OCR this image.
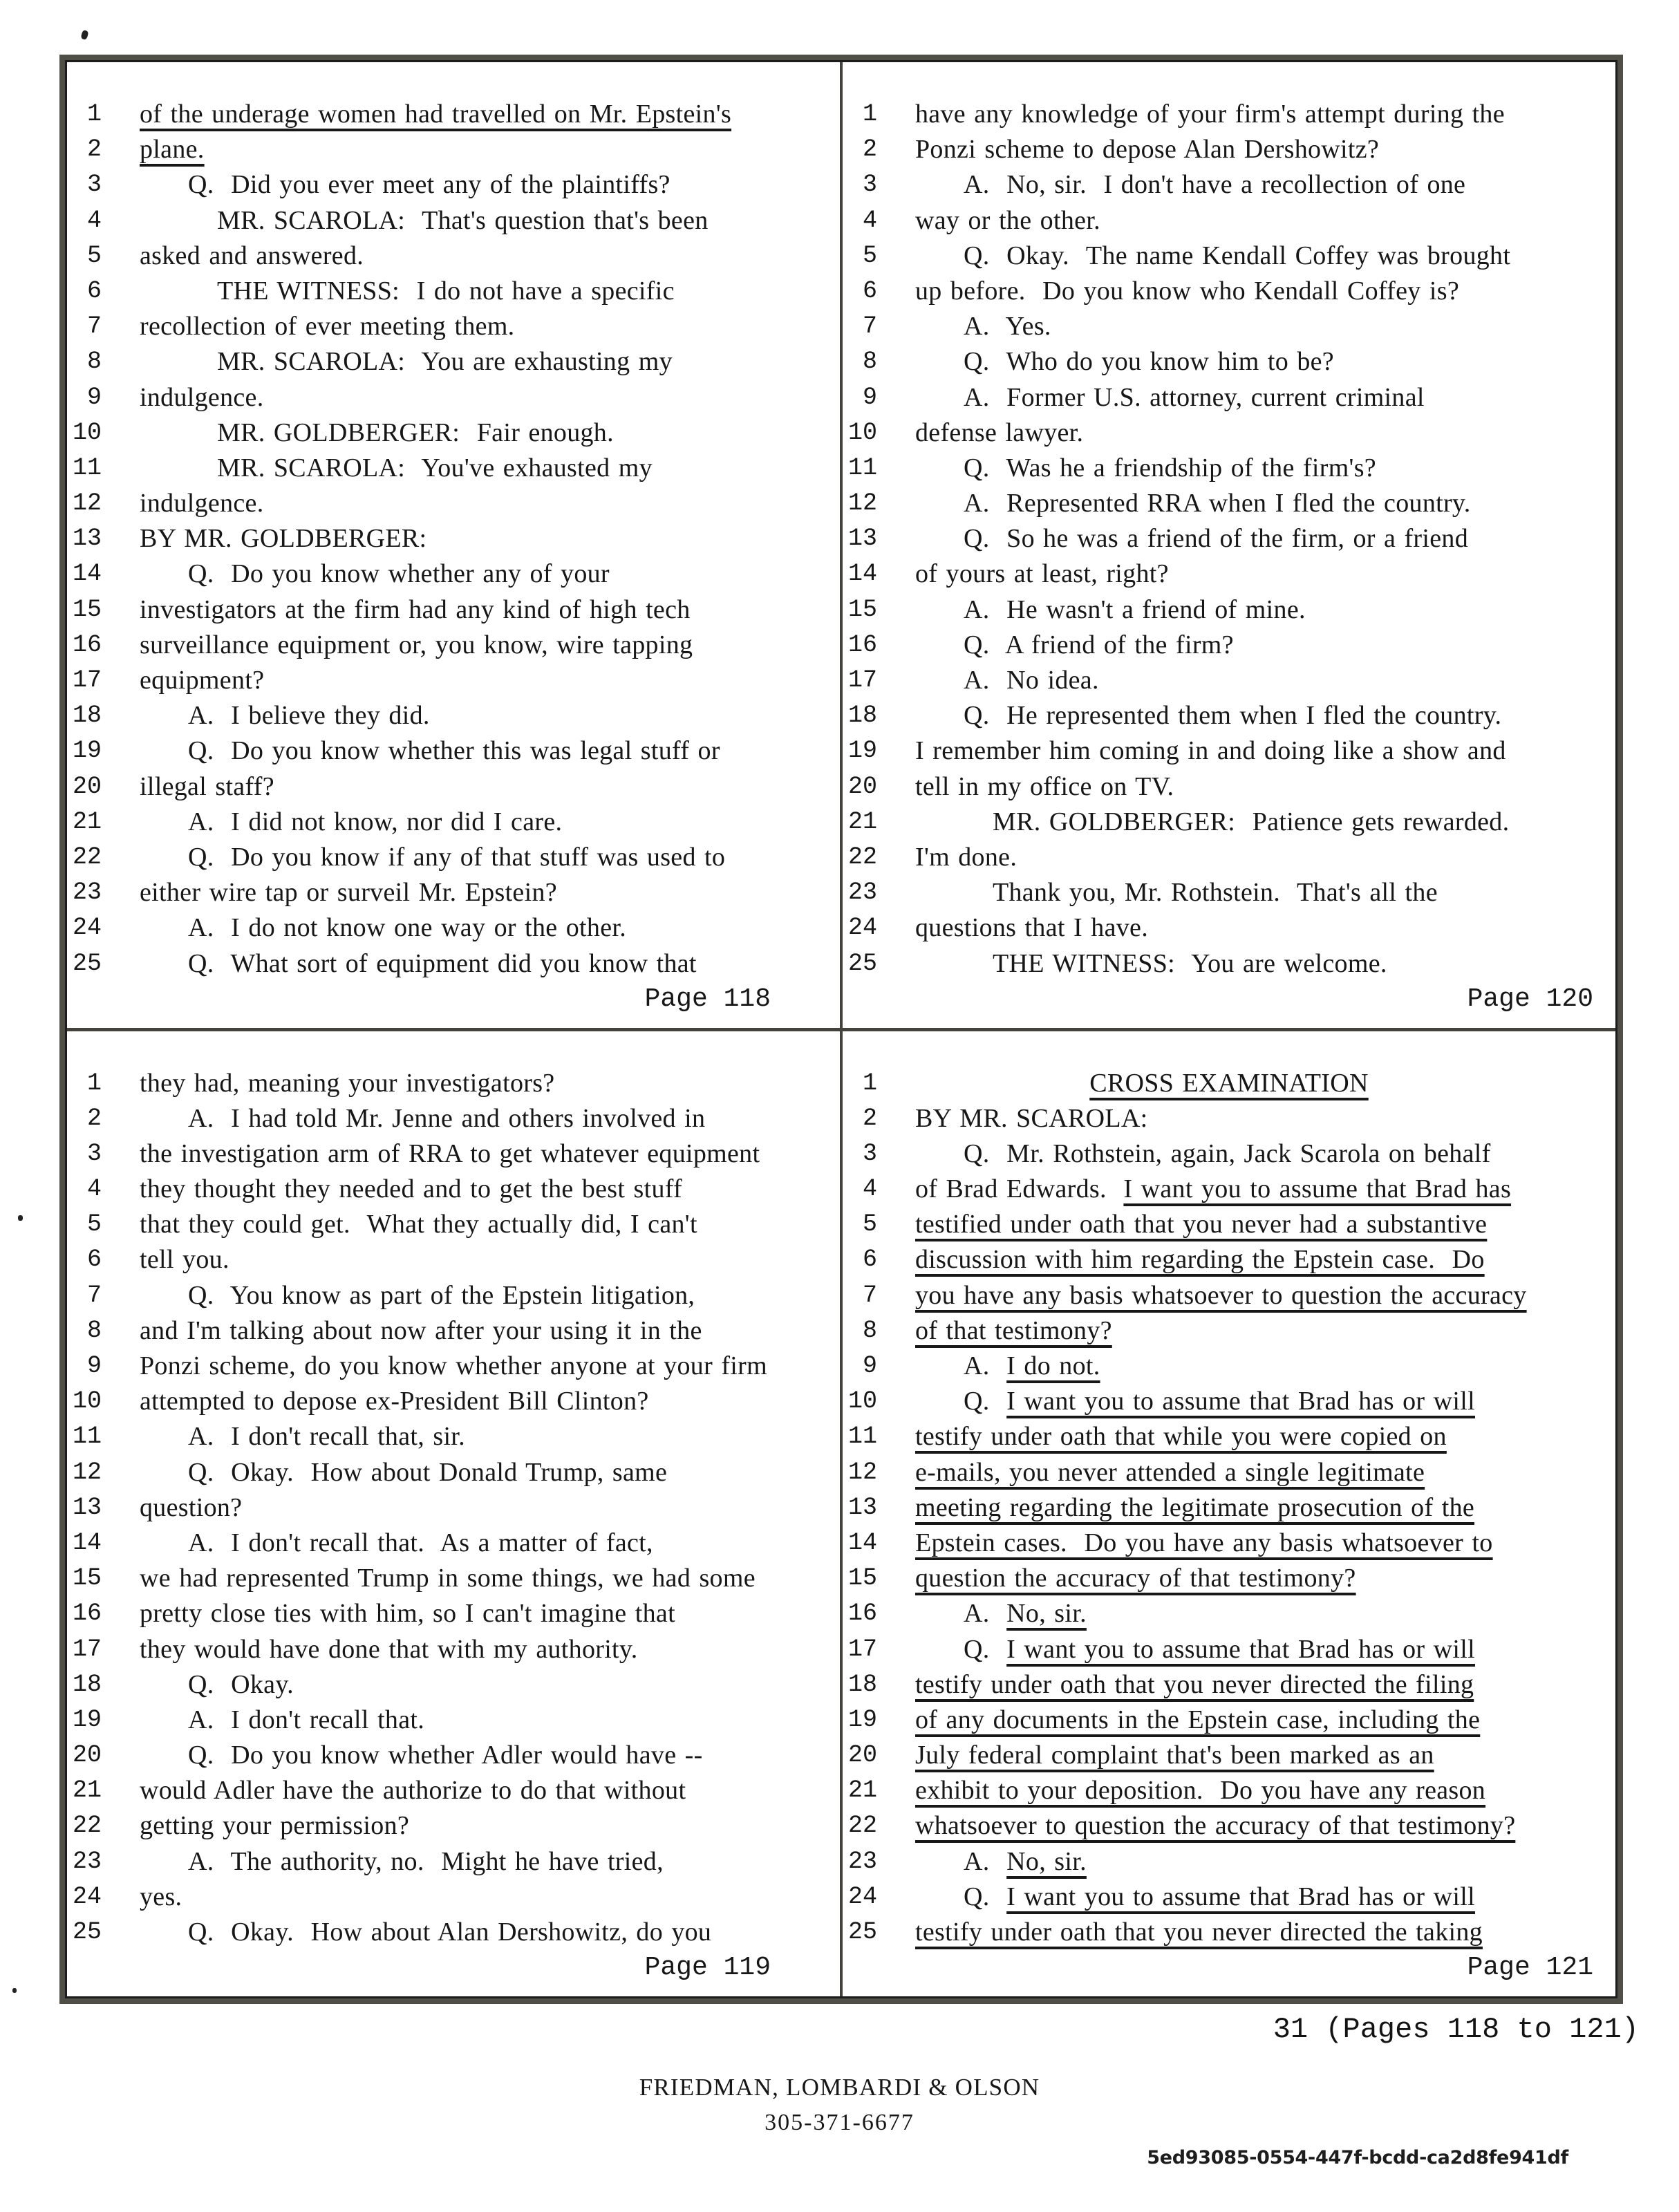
1 of the underage women had travelled on Mr. Epstein's
2 plane.
3	Q.  Did you ever meet any of the plaintiffs?
4	MR. SCAROLA:  That's question that's been
5 asked and answered.
6	THE WITNESS:  I do not have a specific
7 recollection of ever meeting them.
8	MR. SCAROLA:  You are exhausting my
9 indulgence.
10	MR. GOLDBERGER:  Fair enough.
11	MR. SCAROLA:  You've exhausted my
12 indulgence.
13 BY MR. GOLDBERGER:
14	Q.  Do you know whether any of your
15 investigators at the firm had any kind of high tech
16 surveillance equipment or, you know, wire tapping
17 equipment?
18	A.  I believe they did.
19	Q.  Do you know whether this was legal stuff or
20 illegal staff?
21	A.  I did not know, nor did I care.
22	Q.  Do you know if any of that stuff was used to
23 either wire tap or surveil Mr. Epstein?
24	A.  I do not know one way or the other.
25	Q.  What sort of equipment did you know that
Page 118
1 have any knowledge of your firm's attempt during the
2 Ponzi scheme to depose Alan Dershowitz?
3	A.  No, sir.  I don't have a recollection of one
4 way or the other.
5	Q.  Okay.  The name Kendall Coffey was brought
6 up before.  Do you know who Kendall Coffey is?
7	A.  Yes.
8	Q.  Who do you know him to be?
9	A.  Former U.S. attorney, current criminal
10 defense lawyer.
11	Q.  Was he a friendship of the firm's?
12	A.  Represented RRA when I fled the country.
13	Q.  So he was a friend of the firm, or a friend
14 of yours at least, right?
15	A.  He wasn't a friend of mine.
16	Q.  A friend of the firm?
17	A.  No idea.
18	Q.  He represented them when I fled the country.
19 I remember him coming in and doing like a show and
20 tell in my office on TV.
21	MR. GOLDBERGER:  Patience gets rewarded.
22 I'm done.
23	Thank you, Mr. Rothstein.  That's all the
24 questions that I have.
25	THE WITNESS:  You are welcome.
Page 120
1 they had, meaning your investigators?
2	A.  I had told Mr. Jenne and others involved in
3 the investigation arm of RRA to get whatever equipment
4 they thought they needed and to get the best stuff
5 that they could get.  What they actually did, I can't
6 tell you.
7	Q.  You know as part of the Epstein litigation,
8 and I'm talking about now after your using it in the
9 Ponzi scheme, do you know whether anyone at your firm
10 attempted to depose ex-President Bill Clinton?
11	A.  I don't recall that, sir.
12	Q.  Okay.  How about Donald Trump, same
13 question?
14	A.  I don't recall that.  As a matter of fact,
15 we had represented Trump in some things, we had some
16 pretty close ties with him, so I can't imagine that
17 they would have done that with my authority.
18	Q.  Okay.
19	A.  I don't recall that.
20	Q.  Do you know whether Adler would have --
21 would Adler have the authorize to do that without
22 getting your permission?
23	A.  The authority, no.  Might he have tried,
24 yes.
25	Q.  Okay.  How about Alan Dershowitz, do you
Page 119
1	CROSS EXAMINATION
2 BY MR. SCAROLA:
3	Q.  Mr. Rothstein, again, Jack Scarola on behalf
4 of Brad Edwards.  I want you to assume that Brad has
5 testified under oath that you never had a substantive
6 discussion with him regarding the Epstein case.  Do
7 you have any basis whatsoever to question the accuracy
8 of that testimony?
9	A.  I do not.
10	Q.  I want you to assume that Brad has or will
11 testify under oath that while you were copied on
12 e-mails, you never attended a single legitimate
13 meeting regarding the legitimate prosecution of the
14 Epstein cases.  Do you have any basis whatsoever to
15 question the accuracy of that testimony?
16	A.  No, sir.
17	Q.  I want you to assume that Brad has or will
18 testify under oath that you never directed the filing
19 of any documents in the Epstein case, including the
20 July federal complaint that's been marked as an
21 exhibit to your deposition.  Do you have any reason
22 whatsoever to question the accuracy of that testimony?
23	A.  No, sir.
24	Q.  I want you to assume that Brad has or will
25 testify under oath that you never directed the taking
Page 121
31 (Pages 118 to 121)
FRIEDMAN, LOMBARDI & OLSON
305-371-6677
5ed93085-0554-447f-bcdd-ca2d8fe941df
